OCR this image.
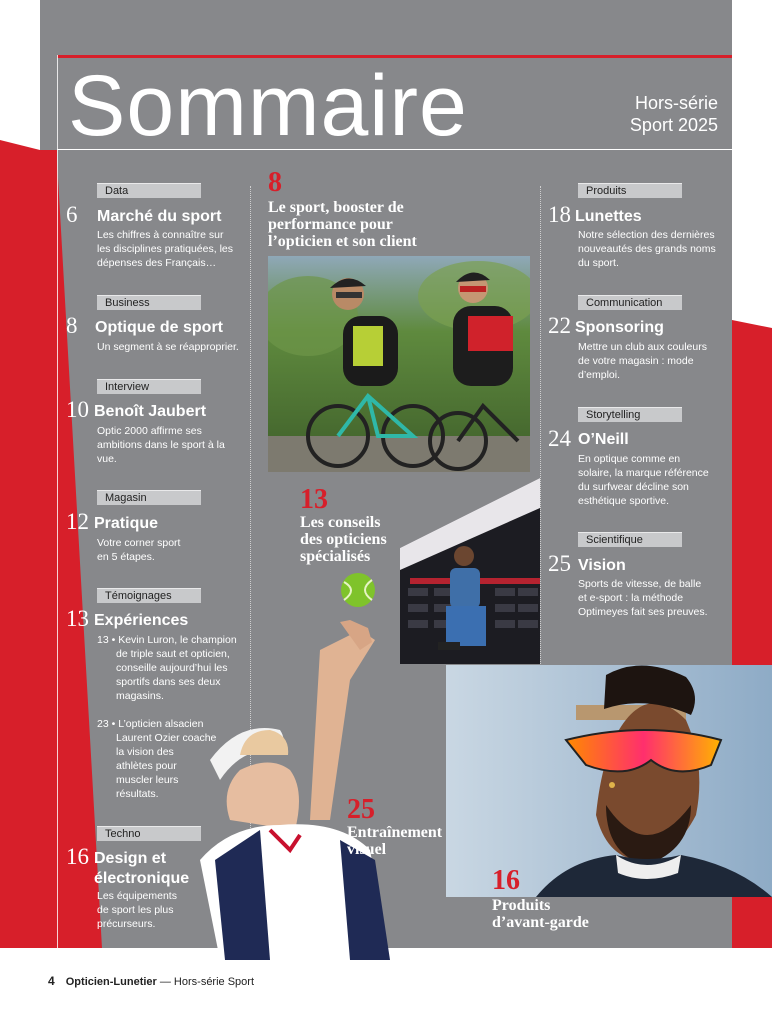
Sommaire	Hors-série
Sport 2025
Data
6 Marché du sport
Les chiffres à connaître sur
les disciplines pratiquées, les
dépenses des Français…
Business
8 Optique de sport
Un segment à se réapproprier.
Interview
10 Benoît Jaubert
Optic 2000 affirme ses
ambitions dans le sport à la
vue.
Magasin
12 Pratique
Votre corner sport
en 5 étapes.
Témoignages
13 Expériences
13 • Kevin Luron, le champion
de triple saut et opticien,
conseille aujourd’hui les
sportifs dans ses deux
magasins.
23 • L’opticien alsacien
Laurent Ozier coache
la vision des
athlètes pour
muscler leurs
résultats.
Techno
16 Design et
électronique
Les équipements
de sport les plus
précurseurs.
8
Le sport, booster de
performance pour
l’opticien et son client
13
Les conseils
des opticiens
spécialisés
25
Entraînement
visuel
Produits
18 Lunettes
Notre sélection des dernières
nouveautés des grands noms
du sport.
Communication
22 Sponsoring
Mettre un club aux couleurs
de votre magasin : mode
d’emploi.
Storytelling
24 O’Neill
En optique comme en
solaire, la marque référence
du surfwear décline son
esthétique sportive.
Scientifique
25 Vision
Sports de vitesse, de balle
et e-sport : la méthode
Optimeyes fait ses preuves.
16
Produits
d’avant-garde
4 Opticien-Lunetier — Hors-série Sport
